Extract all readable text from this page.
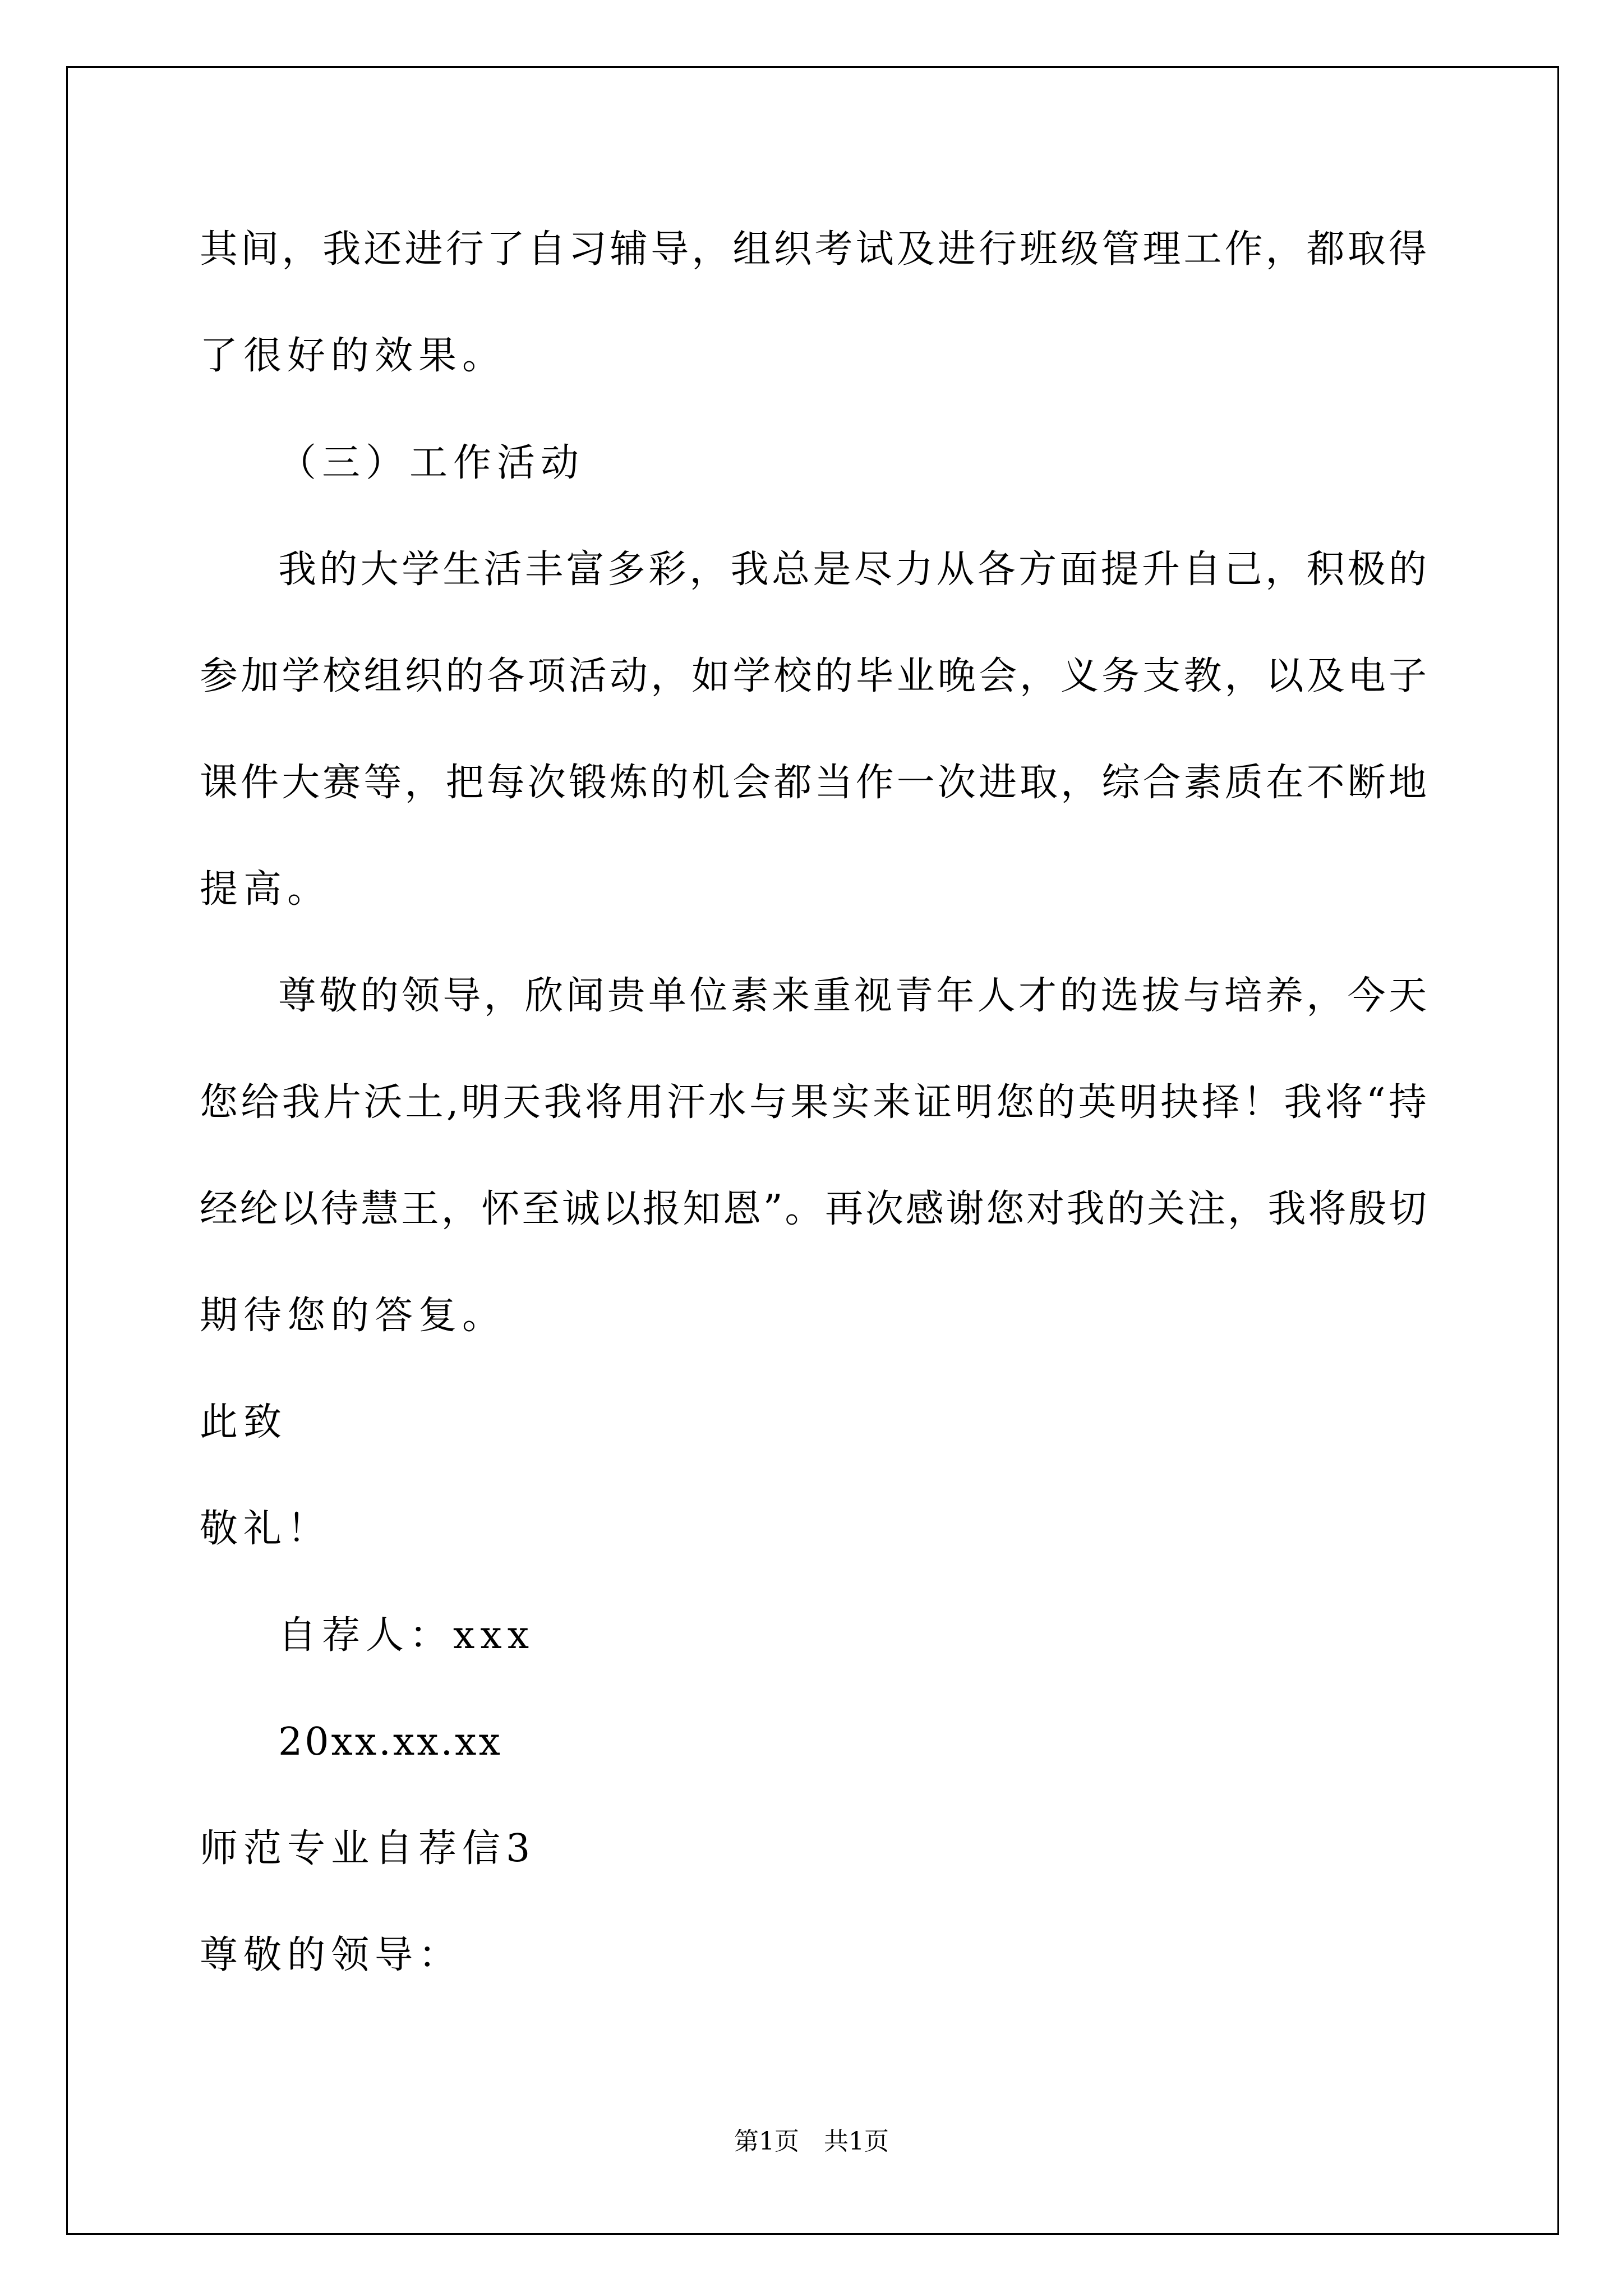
其间，我还进行了自习辅导，组织考试及进行班级管理工作，都取得
了很好的效果。
（三）工作活动
我的大学生活丰富多彩，我总是尽力从各方面提升自己，积极的
参加学校组织的各项活动，如学校的毕业晚会，义务支教，以及电子
课件大赛等，把每次锻炼的机会都当作一次进取，综合素质在不断地
提高。
尊敬的领导，欣闻贵单位素来重视青年人才的选拔与培养，今天
您给我片沃土,明天我将用汗水与果实来证明您的英明抉择！我将“持
经纶以待慧王，怀至诚以报知恩”。再次感谢您对我的关注，我将殷切
期待您的答复。
此致
敬礼！
自荐人：xxx
20xx.xx.xx
师范专业自荐信3
尊敬的领导：
第1页　共1页
